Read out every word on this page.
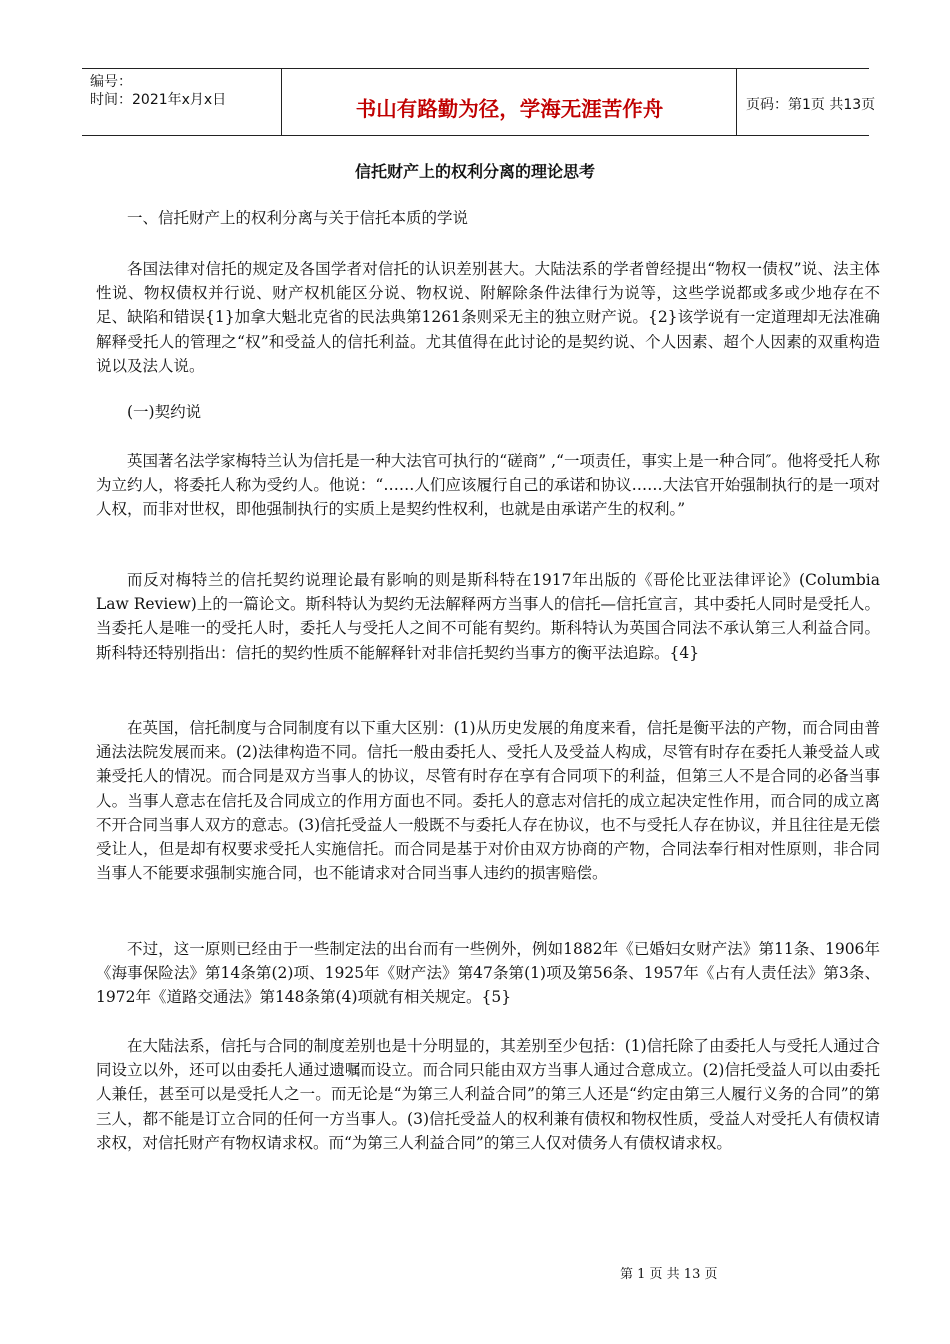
编号：
时间：2021年x月x日	书山有路勤为径，学海无涯苦作舟	页码：第1页 共13页
信托财产上的权利分离的理论思考

一、信托财产上的权利分离与关于信托本质的学说

各国法律对信托的规定及各国学者对信托的认识差别甚大。大陆法系的学者曾经提出“物权一债权”说、法主体性说、物权债权并行说、财产权机能区分说、物权说、附解除条件法律行为说等，这些学说都或多或少地存在不足、缺陷和错误{1}加拿大魁北克省的民法典第1261条则采无主的独立财产说。{2}该学说有一定道理却无法准确解释受托人的管理之“权”和受益人的信托利益。尤其值得在此讨论的是契约说、个人因素、超个人因素的双重构造说以及法人说。

(一)契约说

英国著名法学家梅特兰认为信托是一种大法官可执行的“磋商” ,“一项责任，事实上是一种合同″。他将受托人称为立约人，将委托人称为受约人。他说：“……人们应该履行自己的承诺和协议……大法官开始强制执行的是一项对人权，而非对世权，即他强制执行的实质上是契约性权利，也就是由承诺产生的权利。”

而反对梅特兰的信托契约说理论最有影响的则是斯科特在1917年出版的《哥伦比亚法律评论》(Columbia Law Review)上的一篇论文。斯科特认为契约无法解释两方当事人的信托—信托宣言，其中委托人同时是受托人。当委托人是唯一的受托人时，委托人与受托人之间不可能有契约。斯科特认为英国合同法不承认第三人利益合同。斯科特还特别指出：信托的契约性质不能解释针对非信托契约当事方的衡平法追踪。{4}

在英国，信托制度与合同制度有以下重大区别：(1)从历史发展的角度来看，信托是衡平法的产物，而合同由普通法法院发展而来。(2)法律构造不同。信托一般由委托人、受托人及受益人构成，尽管有时存在委托人兼受益人或兼受托人的情况。而合同是双方当事人的协议，尽管有时存在享有合同项下的利益，但第三人不是合同的必备当事人。当事人意志在信托及合同成立的作用方面也不同。委托人的意志对信托的成立起决定性作用，而合同的成立离不开合同当事人双方的意志。(3)信托受益人一般既不与委托人存在协议，也不与受托人存在协议，并且往往是无偿受让人，但是却有权要求受托人实施信托。而合同是基于对价由双方协商的产物，合同法奉行相对性原则，非合同当事人不能要求强制实施合同，也不能请求对合同当事人违约的损害赔偿。

不过，这一原则已经由于一些制定法的出台而有一些例外，例如1882年《已婚妇女财产法》第11条、1906年《海事保险法》第14条第(2)项、1925年《财产法》第47条第(1)项及第56条、1957年《占有人责任法》第3条、1972年《道路交通法》第148条第(4)项就有相关规定。{5}

在大陆法系，信托与合同的制度差别也是十分明显的，其差别至少包括：(1)信托除了由委托人与受托人通过合同设立以外，还可以由委托人通过遗嘱而设立。而合同只能由双方当事人通过合意成立。(2)信托受益人可以由委托人兼任，甚至可以是受托人之一。而无论是“为第三人利益合同”的第三人还是“约定由第三人履行义务的合同”的第三人，都不能是订立合同的任何一方当事人。(3)信托受益人的权利兼有债权和物权性质，受益人对受托人有债权请求权，对信托财产有物权请求权。而“为第三人利益合同”的第三人仅对债务人有债权请求权。

第 1 页 共 13 页
